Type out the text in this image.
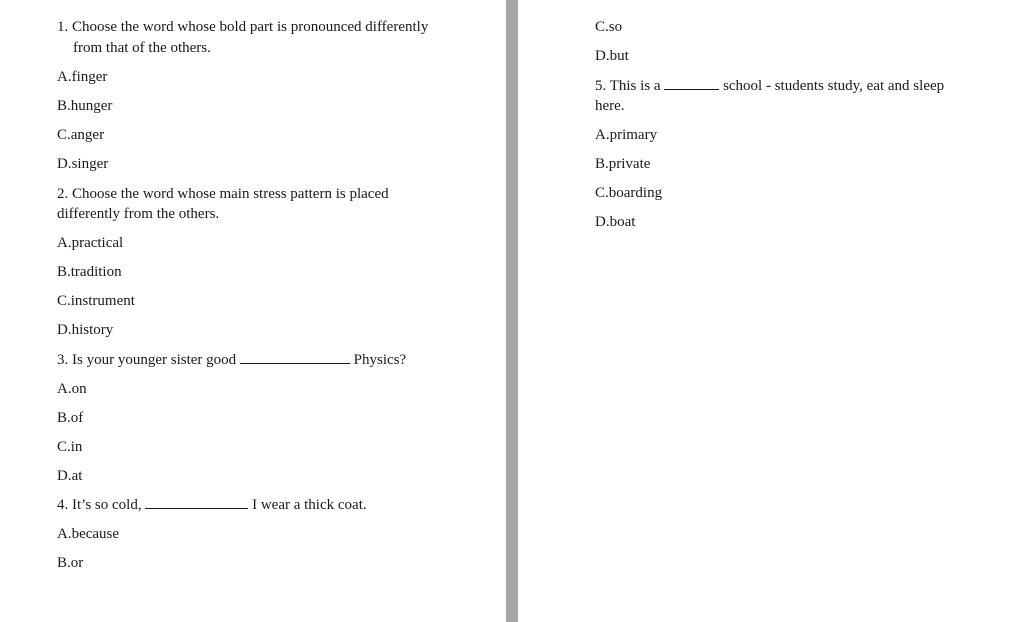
1. Choose the word whose bold part is pronounced differently
from that of the others.
A.finger
B.hunger
C.anger
D.singer
2. Choose the word whose main stress pattern is placed
differently from the others.
A.practical
B.tradition
C.instrument
D.history
3. Is your younger sister good	Physics?
A.on
B.of
C.in
D.at
4. It’s so cold,	I wear a thick coat.
A.because
B.or
C.so
D.but
5. This is a	school - students study, eat and sleep
here.
A.primary
B.private
C.boarding
D.boat
